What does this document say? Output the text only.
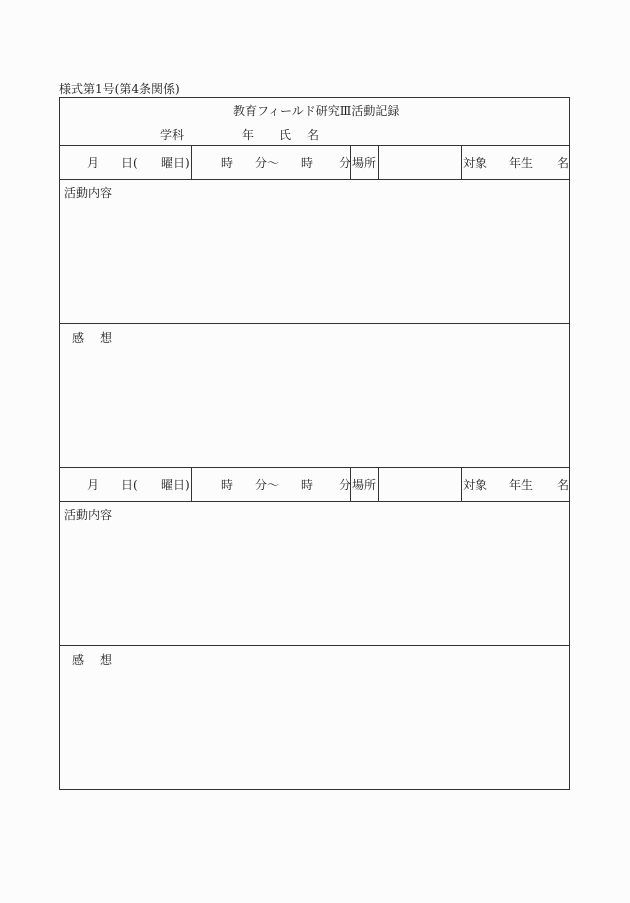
様式第1号(第4条関係)
教育フィールド研究Ⅲ活動記録
学科	年 氏　名
月 日( 曜日)	時 分〜 時 分 場所	対象 年生 名
活動内容
感　想
月 日( 曜日)	時 分〜 時 分 場所	対象 年生 名
活動内容
感　想
